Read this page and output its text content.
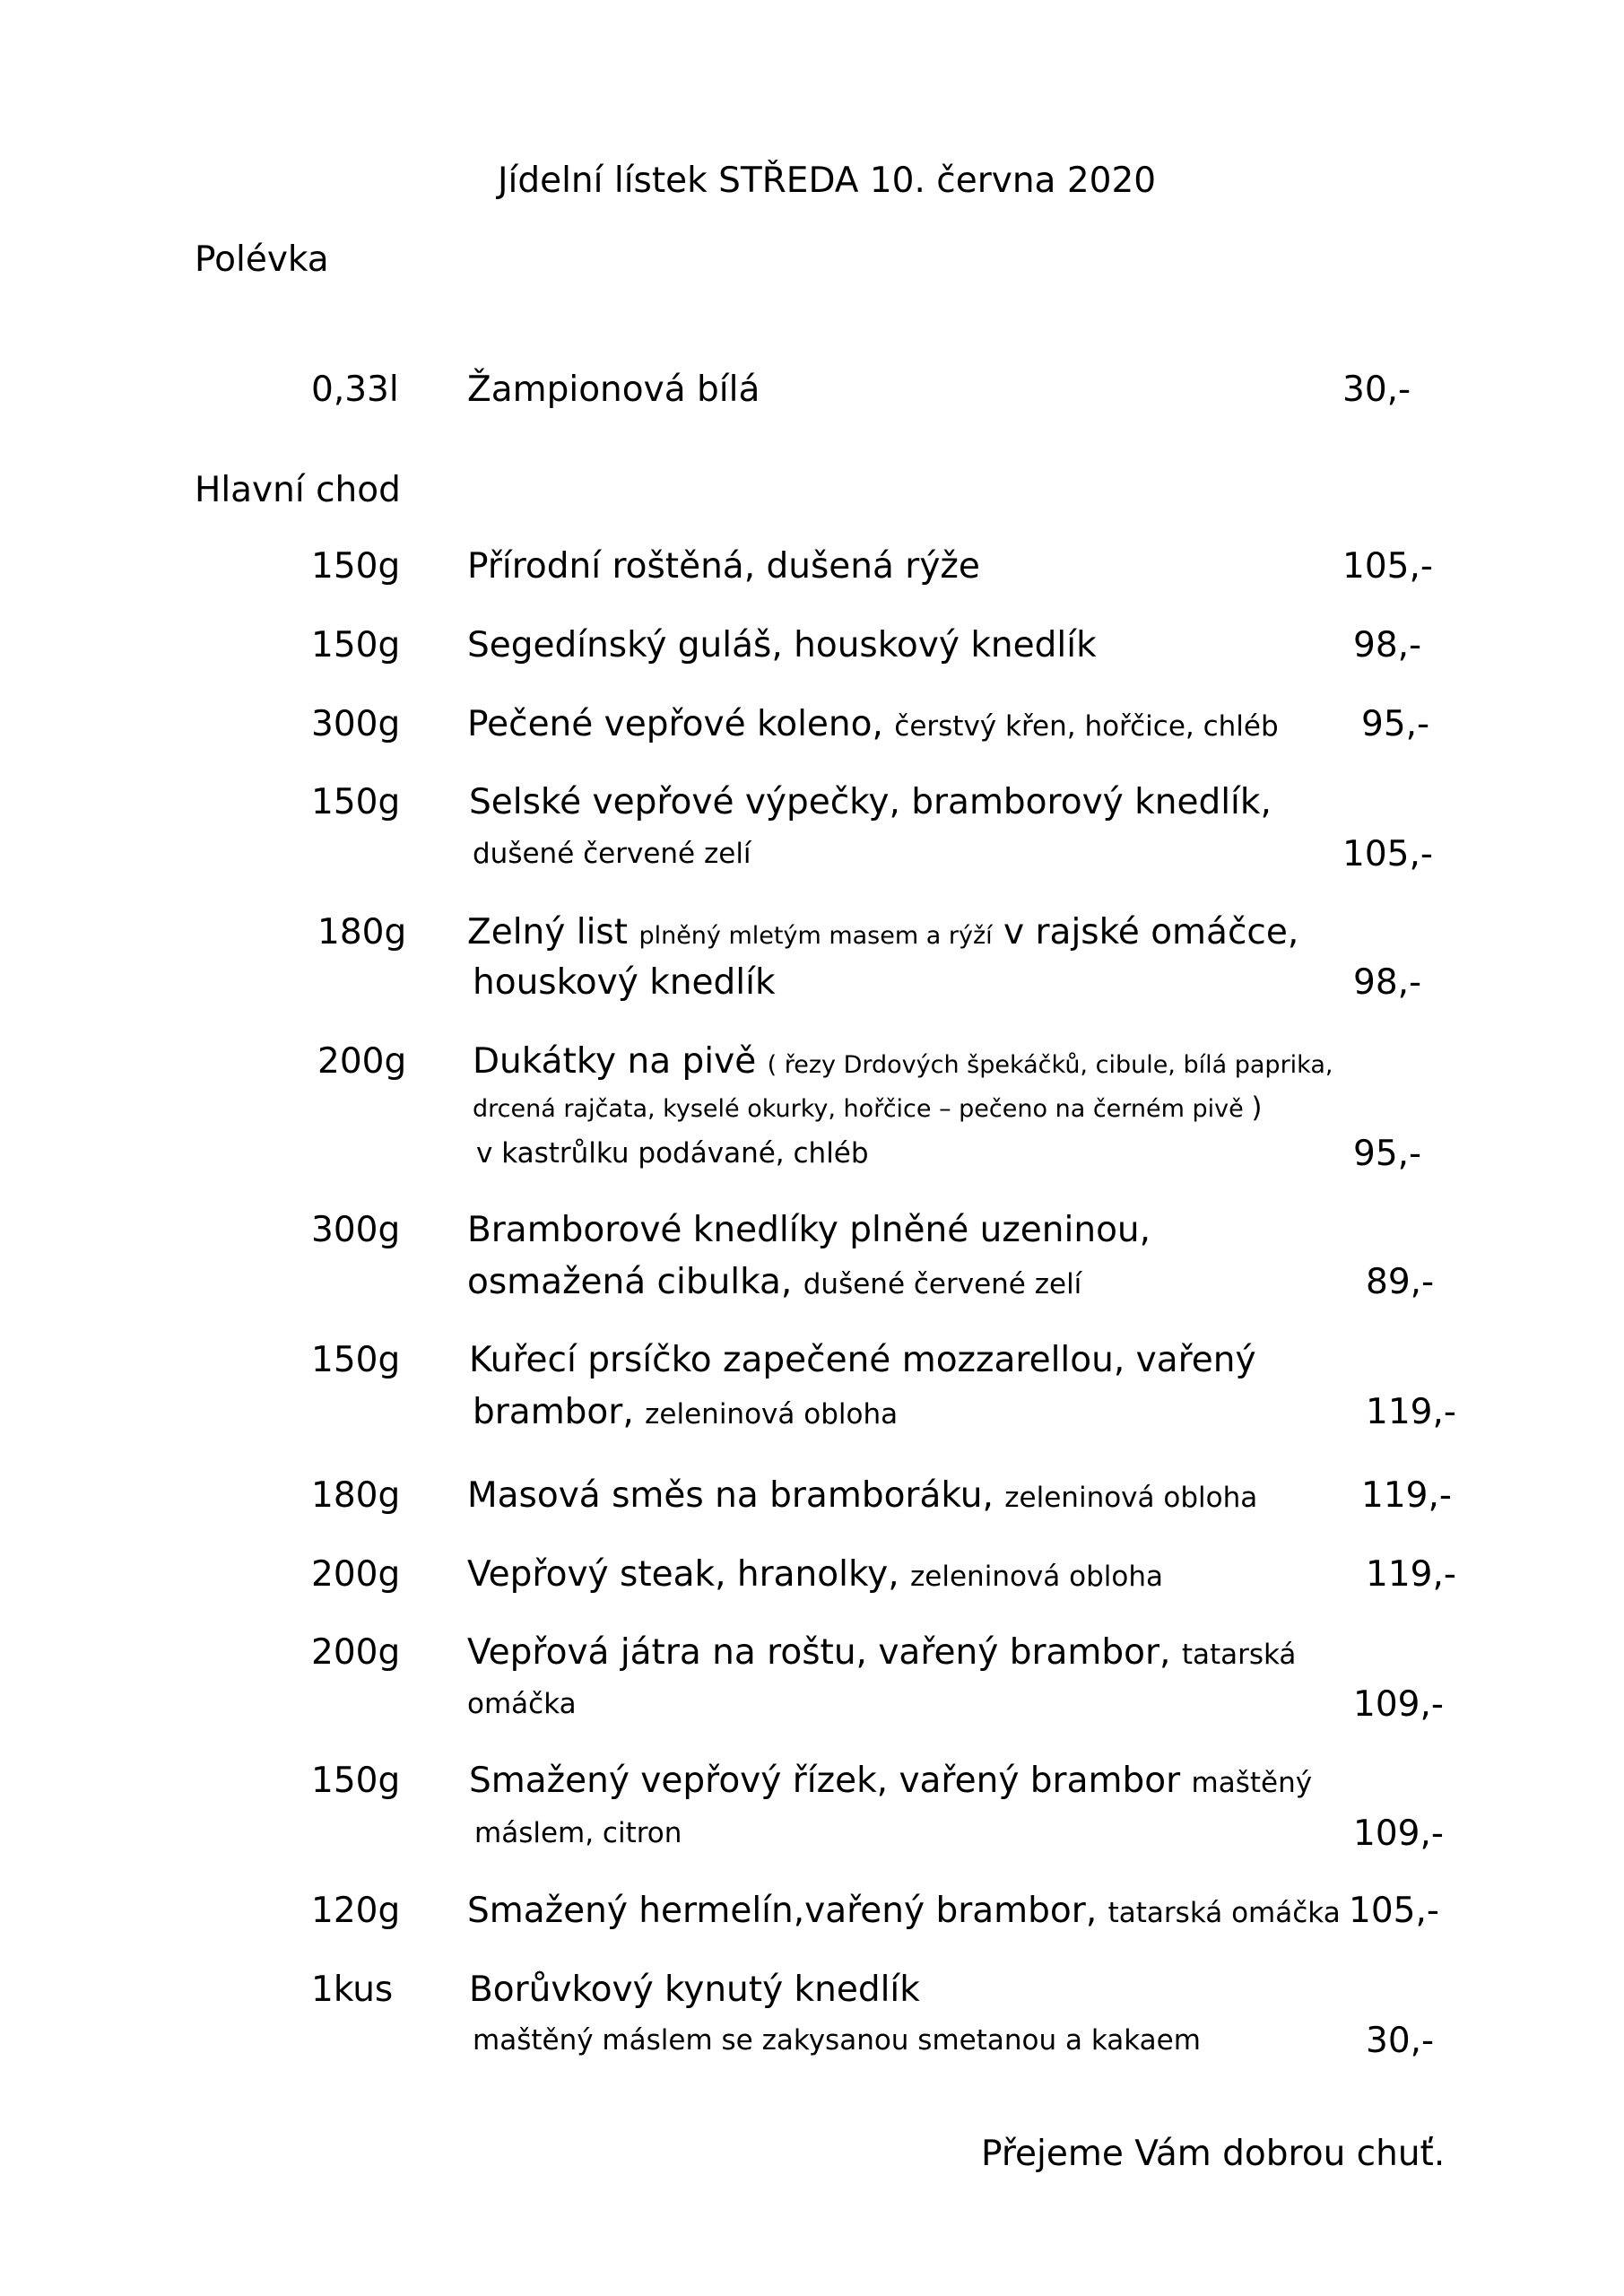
Jídelní lístek STŘEDA 10. června 2020
Polévka
0,33l Žampionová bílá	30,-
Hlavní chod
150g Přírodní roštěná, dušená rýže	105,-
150g Segedínský guláš, houskový knedlík	98,-
300g Pečené vepřové koleno, čerstvý křen, hořčice, chléb 95,-
150g Selské vepřové výpečky, bramborový knedlík,
dušené červené zelí	105,-
180g Zelný list plněný mletým masem a rýží v rajské omáčce,
houskový knedlík	98,-
200g Dukátky na pivě ( řezy Drdových špekáčků, cibule, bílá paprika,
drcená rajčata, kyselé okurky, hořčice – pečeno na černém pivě )
v kastrůlku podávané, chléb	95,-
300g Bramborové knedlíky plněné uzeninou,
osmažená cibulka, dušené červené zelí	89,-
150g Kuřecí prsíčko zapečené mozzarellou, vařený
brambor, zeleninová obloha	119,-
180g Masová směs na bramboráku, zeleninová obloha	119,-
200g Vepřový steak, hranolky, zeleninová obloha	119,-
200g Vepřová játra na roštu, vařený brambor, tatarská
omáčka	109,-
150g Smažený vepřový řízek, vařený brambor maštěný
máslem, citron	109,-
120g Smažený hermelín,vařený brambor, tatarská omáčka 105,-
1kus Borůvkový kynutý knedlík
maštěný máslem se zakysanou smetanou a kakaem	30,-
Přejeme Vám dobrou chuť.
